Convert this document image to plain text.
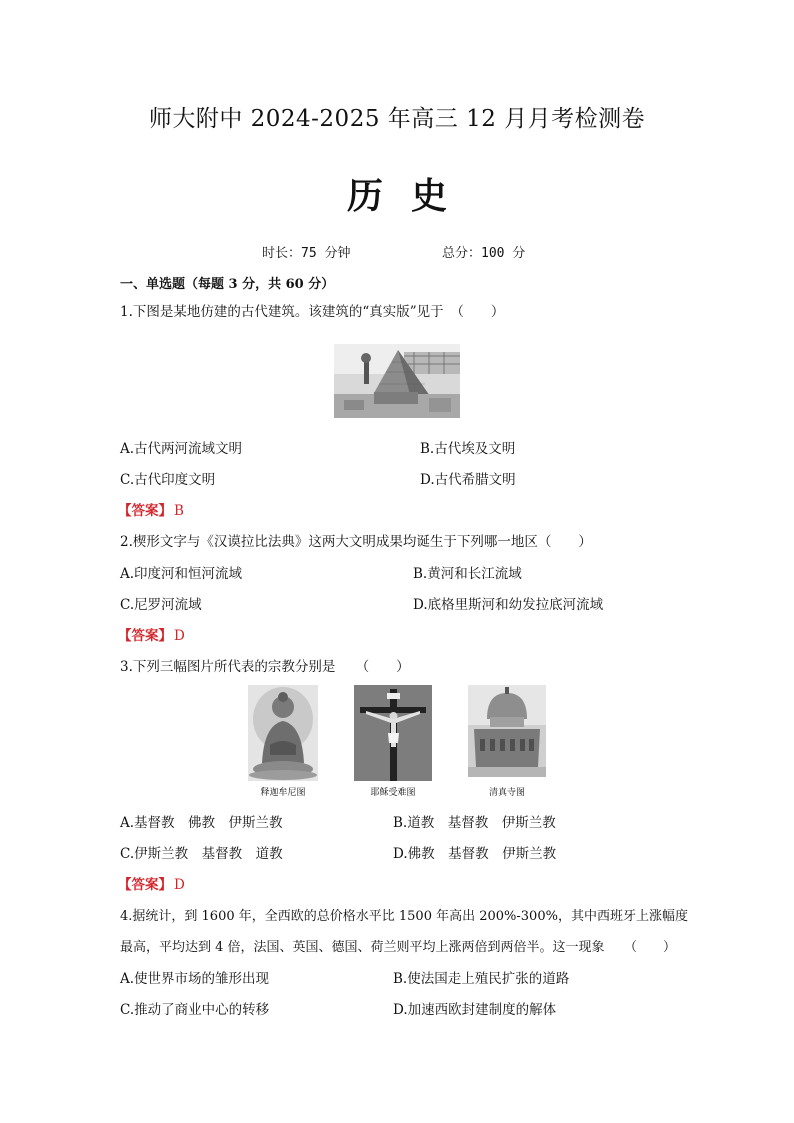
师大附中 2024-2025 年高三 12 月月考检测卷
历史
时长：75 分钟	总分：100 分
一、单选题（每题 3 分，共 60 分）
1.下图是某地仿建的古代建筑。该建筑的“真实版”见于　（　　）
A.古代两河流域文明	B.古代埃及文明
C.古代印度文明	D.古代希腊文明
【答案】 B
2.楔形文字与《汉谟拉比法典》这两大文明成果均诞生于下列哪一地区（　　）
A.印度河和恒河流域	B.黄河和长江流域
C.尼罗河流域	D.底格里斯河和幼发拉底河流域
【答案】 D
3.下列三幅图片所代表的宗教分别是　　（　　）
释迦牟尼图	耶稣受难图	清真寺图
A.基督教　佛教　伊斯兰教	B.道教　基督教　伊斯兰教
C.伊斯兰教　基督教　道教	D.佛教　基督教　伊斯兰教
【答案】 D
4.据统计，到 1600 年，全西欧的总价格水平比 1500 年高出 200%-300%，其中西班牙上涨幅度
最高，平均达到 4 倍，法国、英国、德国、荷兰则平均上涨两倍到两倍半。这一现象　　（　　）
A.使世界市场的雏形出现	B.使法国走上殖民扩张的道路
C.推动了商业中心的转移	D.加速西欧封建制度的解体
